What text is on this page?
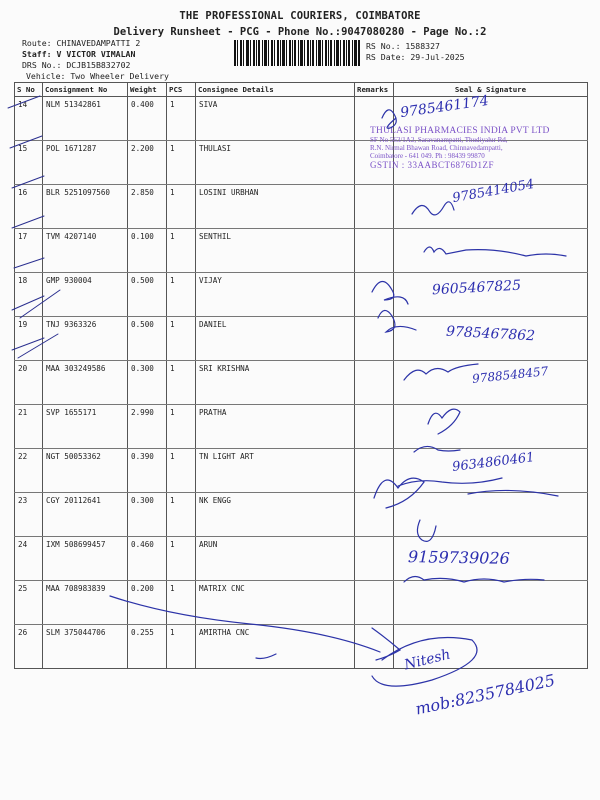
THE PROFESSIONAL COURIERS, COIMBATORE
Delivery Runsheet - PCG - Phone No.:9047080280 - Page No.:2
Route: CHINAVEDAMPATTI 2
Staff: V VICTOR VIMALAN
DRS No.: DCJB15B832702
Vehicle: Two Wheeler Delivery
RS No.: 1588327
RS Date: 29-Jul-2025
S No	Consignment No	Weight	PCS	Consignee Details	Remarks	Seal & Signature
14	NLM 51342861	0.400	1	SIVA		
15	POL 1671287	2.200	1	THULASI		
16	BLR 5251097560	2.850	1	LOSINI URBHAN		
17	TVM 4207140	0.100	1	SENTHIL		
18	GMP 930004	0.500	1	VIJAY		
19	TNJ 9363326	0.500	1	DANIEL		
20	MAA 303249586	0.300	1	SRI KRISHNA		
21	SVP 1655171	2.990	1	PRATHA		
22	NGT 50053362	0.390	1	TN LIGHT ART		
23	CGY 20112641	0.300	1	NK ENGG		
24	IXM 508699457	0.460	1	ARUN		
25	MAA 708983839	0.200	1	MATRIX CNC		
26	SLM 375044706	0.255	1	AMIRTHA CNC		
THULASI PHARMACIES INDIA PVT LTD
SF No 563/1A2, Saravanampatti, Thudiyalur Rd,
R.N. Nirmal Bhawan Road, Chinnavedampatti,
Coimbatore - 641 049. Ph : 98439 99870
GSTIN : 33AABCT6876D1ZF
9785461174
9785414054
9605467825
9785467862
9788548457
9634860461
9159739026
Nitesh
mob:8235784025
